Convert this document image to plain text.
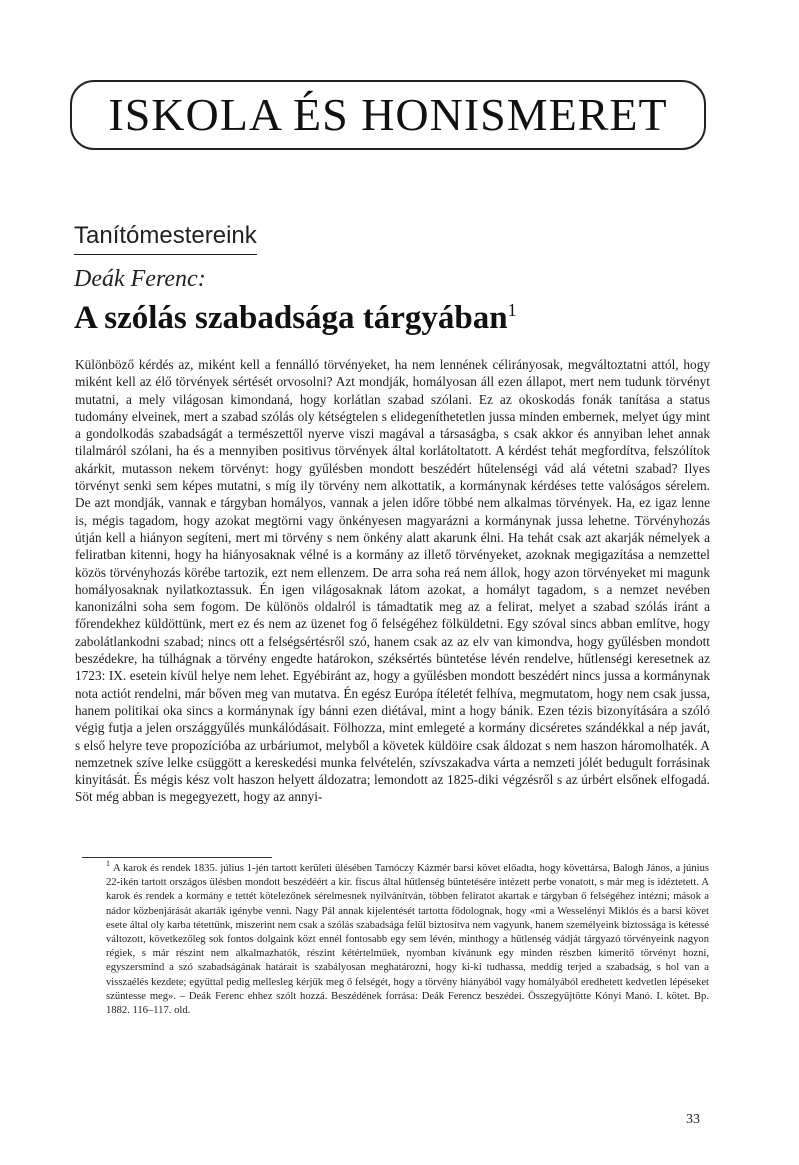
ISKOLA ÉS HONISMERET
Tanítómestereink
Deák Ferenc:
A szólás szabadsága tárgyában$^1$

Különböző kérdés az, miként kell a fennálló törvényeket, ha nem lennének célirányosak, megváltoztatni attól, hogy miként kell az élő törvények sértését orvosolni? Azt mondják, homályosan áll ezen állapot, mert nem tudunk törvényt mutatni, a mely világosan kimondaná, hogy korlátlan szabad szólani. Ez az okoskodás fonák tanítása a status tudomány elveinek, mert a szabad szólás oly kétségtelen s elidegeníthetetlen jussa minden embernek, melyet úgy mint a gondolkodás szabadságát a természettől nyerve viszi magával a társaságba, s csak akkor és annyiban lehet annak tilalmáról szólani, ha és a mennyiben positivus törvények által korlátoltatott. A kérdést tehát megfordítva, felszólítok akárkit, mutasson nekem törvényt: hogy gyűlésben mondott beszédért hűtelenségi vád alá vétetni szabad? Ilyes törvényt senki sem képes mutatni, s míg ily törvény nem alkottatik, a kormánynak kérdéses tette valóságos sérelem. De azt mondják, vannak e tárgyban homályos, vannak a jelen időre többé nem alkalmas törvények. Ha, ez igaz lenne is, mégis tagadom, hogy azokat megtörni vagy önkényesen magyarázni a kormánynak jussa lehetne. Törvényhozás útján kell a hiányon segíteni, mert mi törvény s nem önkény alatt akarunk élni. Ha tehát csak azt akarják némelyek a feliratban kitenni, hogy ha hiányosaknak vélné is a kormány az illető törvényeket, azoknak megigazítása a nemzettel közös törvényhozás körébe tartozik, ezt nem ellenzem. De arra soha reá nem állok, hogy azon törvényeket mi magunk homályosaknak nyilatkoztassuk. Én igen világosaknak látom azokat, a homályt tagadom, s a nemzet nevében kanonizálni soha sem fogom. De különös oldalról is támadtatik meg az a felirat, melyet a szabad szólás iránt a főrendekhez küldöttünk, mert ez és nem az üzenet fog ő felségéhez fölküldetni. Egy szóval sincs abban említve, hogy zabolátlankodni szabad; nincs ott a felségsértésről szó, hanem csak az az elv van kimondva, hogy gyűlésben mondott beszédekre, ha túlhágnak a törvény engedte határokon, széksértés büntetése lévén rendelve, hűtlenségi keresetnek az 1723: IX. esetein kívül helye nem lehet. Egyébiránt az, hogy a gyűlésben mondott beszédért nincs jussa a kormánynak nota actiót rendelni, már bőven meg van mutatva. Én egész Európa ítéletét felhíva, megmutatom, hogy nem csak jussa, hanem politikai oka sincs a kormánynak így bánni ezen diétával, mint a hogy bánik. Ezen tézis bizonyítására a szóló végig futja a jelen országgyűlés munkálódásait. Fölhozza, mint emlegeté a kormány dicséretes szándékkal a nép javát, s első helyre teve propozícióba az urbáriumot, melyből a követek küldöire csak áldozat s nem haszon háromolhaték. A nemzetnek szíve lelke csüggött a kereskedési munka felvételén, szívszakadva várta a nemzeti jólét bedugult forrásinak kinyitását. És mégis kész volt haszon helyett áldozatra; lemondott az 1825-diki végzésről s az úrbért elsőnek elfogadá. Söt még abban is megegyezett, hogy az annyi-

$^1$ A karok és rendek 1835. július 1-jén tartott kerületi ülésében Tarnóczy Kázmér barsi követ előadta, hogy követtársa, Balogh János, a június 22-ikén tartott országos ülésben mondott beszédéért a kir. fiscus által hűtlenség büntetésére intézett perbe vonatott, s már meg is idéztetett. A karok és rendek a kormány e tettét kötelezőnek sérelmesnek nyilvánítván, többen feliratot akartak e tárgyban ő felségéhez intézni; mások a nádor közbenjárását akarták igénybe venni. Nagy Pál annak kijelentését tartotta fődolognak, hogy «mi a Wesselényi Miklós és a barsi követ esete által oly karba tétettünk, miszerint nem csak a szólás szabadsága felül biztosítva nem vagyunk, hanem személyeink biztossága is kétessé változott, következőleg sok fontos dolgaink közt ennél fontosabb egy sem lévén, minthogy a hűtlenség vádját tárgyazó törvényeink nagyon régiek, s már részint nem alkalmazhatók, részint kétértelműek, nyomban kívánunk egy minden részben kimerítő törvényt hozni, egyszersmind a szó szabadságának határait is szabályosan meghatározni, hogy ki-ki tudhassa, meddig terjed a szabadság, s hol van a visszaélés kezdete; együttal pedig mellesleg kérjük meg ő felségét, hogy a törvény hiányából vagy homályából eredhetett kedvetlen lépéseket szüntesse meg». – Deák Ferenc ehhez szólt hozzá. Beszédének forrása: Deák Ferencz beszédei. Összegyűjtötte Kónyi Manó. I. kötet. Bp. 1882. 116–117. old.

33
